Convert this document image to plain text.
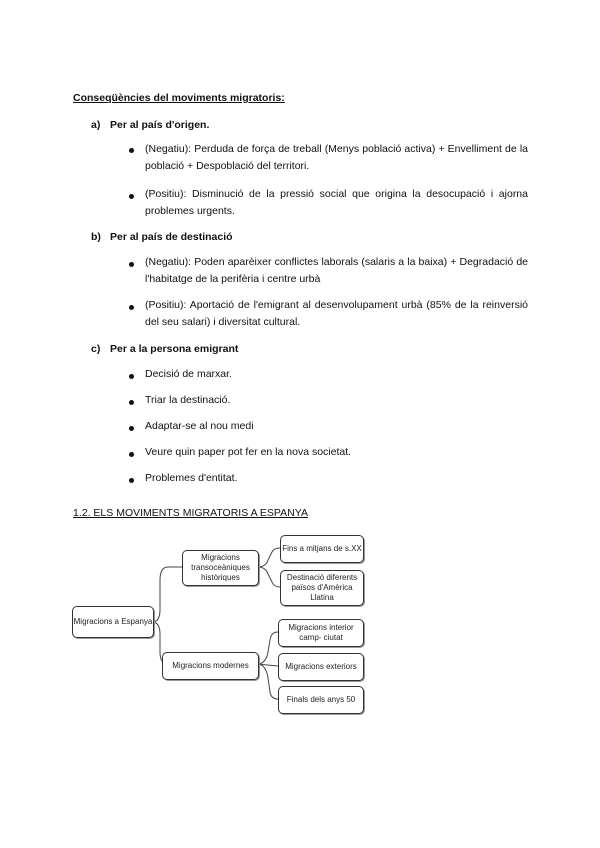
Conseqüències del moviments migratoris:
a) Per al país d'origen.
(Negatiu): Perduda de força de treball (Menys població activa) + Envelliment de la població + Despoblació del territori.
(Positiu): Disminució de la pressió social que origina la desocupació i ajorna problemes urgents.
b) Per al país de destinació
(Negatiu): Poden aparèixer conflictes laborals (salaris a la baixa) + Degradació de l'habitatge de la perifèria i centre urbà
(Positiu): Aportació de l'emigrant al desenvolupament urbà (85% de la reinversió del seu salari) i diversitat cultural.
c) Per a la persona emigrant
Decisió de marxar.
Triar la destinació.
Adaptar-se al nou medi
Veure quin paper pot fer en la nova societat.
Problemes d'entitat.
1.2. ELS MOVIMENTS MIGRATORIS A ESPANYA
Migracions a Espanya
Migracions transoceàniques històriques
Migracions modernes
Fins a mitjans de s.XX
Destinació diferents països d'Amèrica Llatina
Migracions interior camp- ciutat
Migracions exteriors
Finals dels anys 50
